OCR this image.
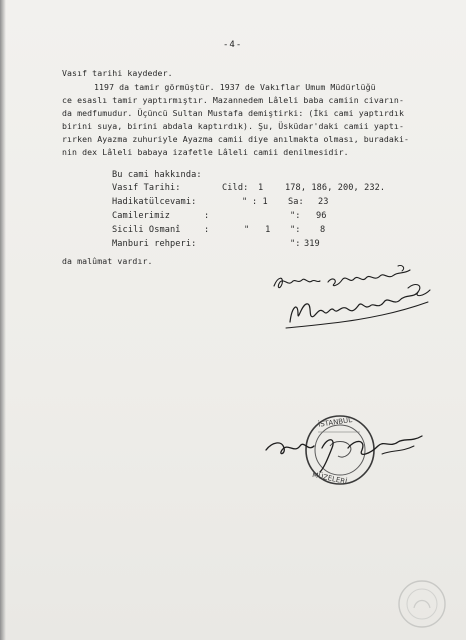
-4-
Vasıf tarihi kaydeder.
1197 da tamir görmüştür. 1937 de Vakıflar Umum Müdürlüğü
ce esaslı tamir yaptırmıştır. Mazannedem Lâleli baba camiin civarın-
da medfumudur. Üçüncü Sultan Mustafa demiştirki: (İki cami yaptırdık
birini suya, birini abdala kaptırdık). Şu, Üsküdar'daki camii yaptı-
rırken Ayazma zuhuriyle Ayazma camii diye anılmakta olması, buradaki-
nin dex Lâleli babaya izafetle Lâleli camii denilmesidir.
Bu cami hakkında:
Vasıf Tarihi:	Cild: 1	178, 186, 200, 232.
Hadikatülcevami:	" : 1 Sa: 23
Camilerimiz	:	": 96
Sicili Osmanî	:	"   1 ": 8
Manburi rehperi:	": 319
da malûmat vardır.
İSTANBUL
MÜZELERİ
